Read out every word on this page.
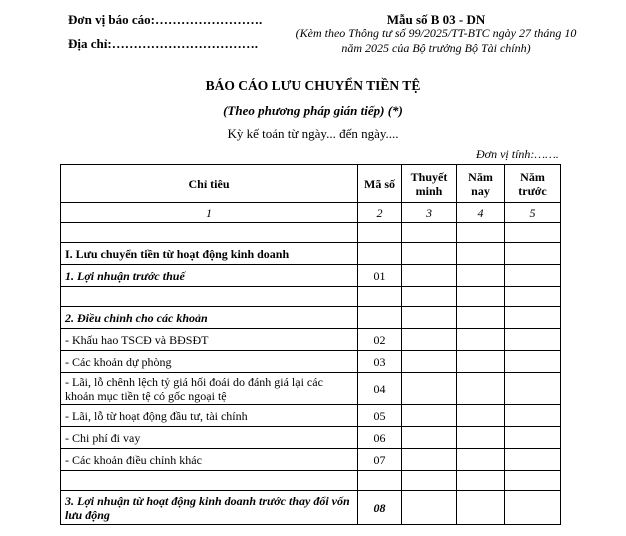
Đơn vị báo cáo:…………………….
Địa chỉ:…………………………….
Mẫu số B 03 - DN
(Kèm theo Thông tư số 99/2025/TT-BTC ngày 27 tháng 10 năm 2025 của Bộ trưởng Bộ Tài chính)
BÁO CÁO LƯU CHUYỂN TIỀN TỆ
(Theo phương pháp gián tiếp) (*)
Kỳ kế toán từ ngày... đến ngày....
Đơn vị tính:…….
Chỉ tiêu	Mã số	Thuyết minh	Năm nay	Năm trước
1	2	3	4	5

I. Lưu chuyển tiền từ hoạt động kinh doanh				
1. Lợi nhuận trước thuế	01			

2. Điều chỉnh cho các khoản				
- Khấu hao TSCĐ và BĐSĐT	02			
- Các khoản dự phòng	03			
- Lãi, lỗ chênh lệch tỷ giá hối đoái do đánh giá lại các khoản mục tiền tệ có gốc ngoại tệ	04			
- Lãi, lỗ từ hoạt động đầu tư, tài chính	05			
- Chi phí đi vay	06			
- Các khoản điều chỉnh khác	07			

3. Lợi nhuận từ hoạt động kinh doanh trước thay đổi vốn lưu động	08			
